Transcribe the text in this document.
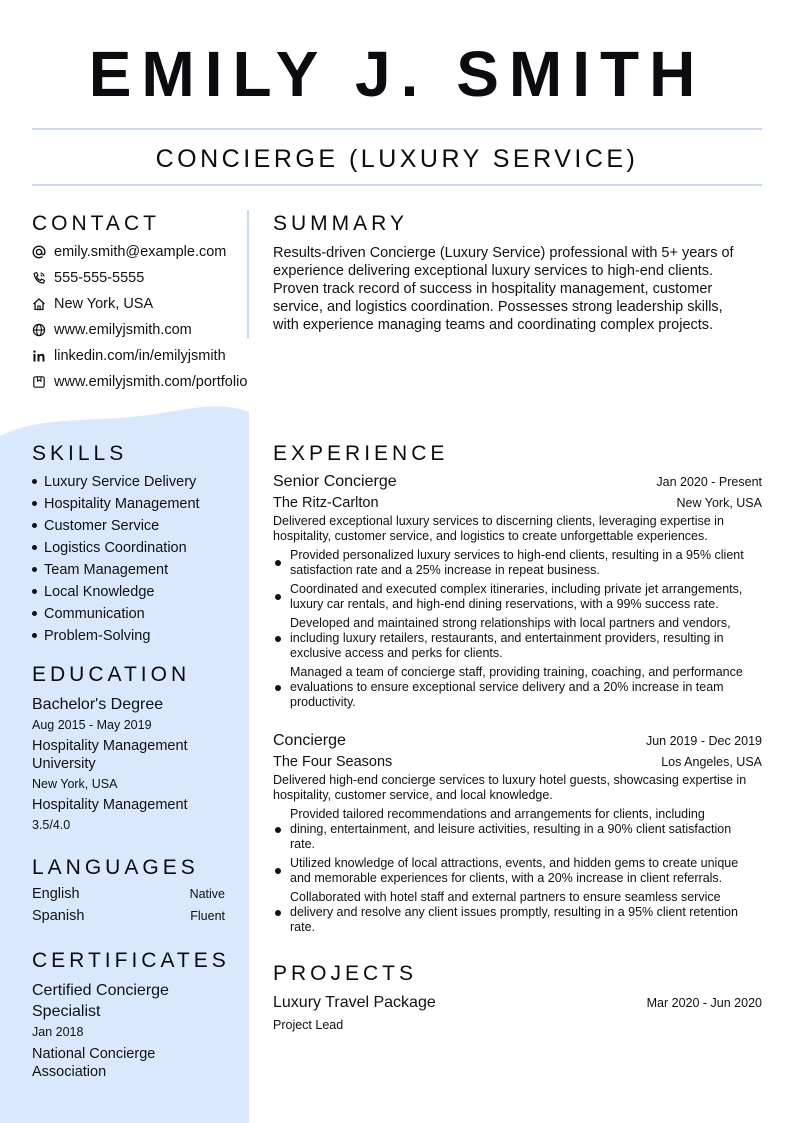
EMILY J. SMITH
CONCIERGE (LUXURY SERVICE)
CONTACT
emily.smith@example.com
555-555-5555
New York, USA
www.emilyjsmith.com
linkedin.com/in/emilyjsmith
www.emilyjsmith.com/portfolio
SUMMARY
Results-driven Concierge (Luxury Service) professional with 5+ years of
experience delivering exceptional luxury services to high-end clients.
Proven track record of success in hospitality management, customer
service, and logistics coordination. Possesses strong leadership skills,
with experience managing teams and coordinating complex projects.
SKILLS
Luxury Service Delivery
Hospitality Management
Customer Service
Logistics Coordination
Team Management
Local Knowledge
Communication
Problem-Solving
EDUCATION
Bachelor's Degree
Aug 2015 - May 2019
Hospitality Management
University
New York, USA
Hospitality Management
3.5/4.0
LANGUAGES
English	Native
Spanish	Fluent
CERTIFICATES
Certified Concierge
Specialist
Jan 2018
National Concierge
Association
EXPERIENCE
Senior Concierge	Jan 2020 - Present
The Ritz-Carlton	New York, USA
Delivered exceptional luxury services to discerning clients, leveraging expertise in
hospitality, customer service, and logistics to create unforgettable experiences.
Provided personalized luxury services to high-end clients, resulting in a 95% client
satisfaction rate and a 25% increase in repeat business.
Coordinated and executed complex itineraries, including private jet arrangements,
luxury car rentals, and high-end dining reservations, with a 99% success rate.
Developed and maintained strong relationships with local partners and vendors,
including luxury retailers, restaurants, and entertainment providers, resulting in
exclusive access and perks for clients.
Managed a team of concierge staff, providing training, coaching, and performance
evaluations to ensure exceptional service delivery and a 20% increase in team
productivity.
Concierge	Jun 2019 - Dec 2019
The Four Seasons	Los Angeles, USA
Delivered high-end concierge services to luxury hotel guests, showcasing expertise in
hospitality, customer service, and local knowledge.
Provided tailored recommendations and arrangements for clients, including
dining, entertainment, and leisure activities, resulting in a 90% client satisfaction
rate.
Utilized knowledge of local attractions, events, and hidden gems to create unique
and memorable experiences for clients, with a 20% increase in client referrals.
Collaborated with hotel staff and external partners to ensure seamless service
delivery and resolve any client issues promptly, resulting in a 95% client retention
rate.
PROJECTS
Luxury Travel Package	Mar 2020 - Jun 2020
Project Lead
